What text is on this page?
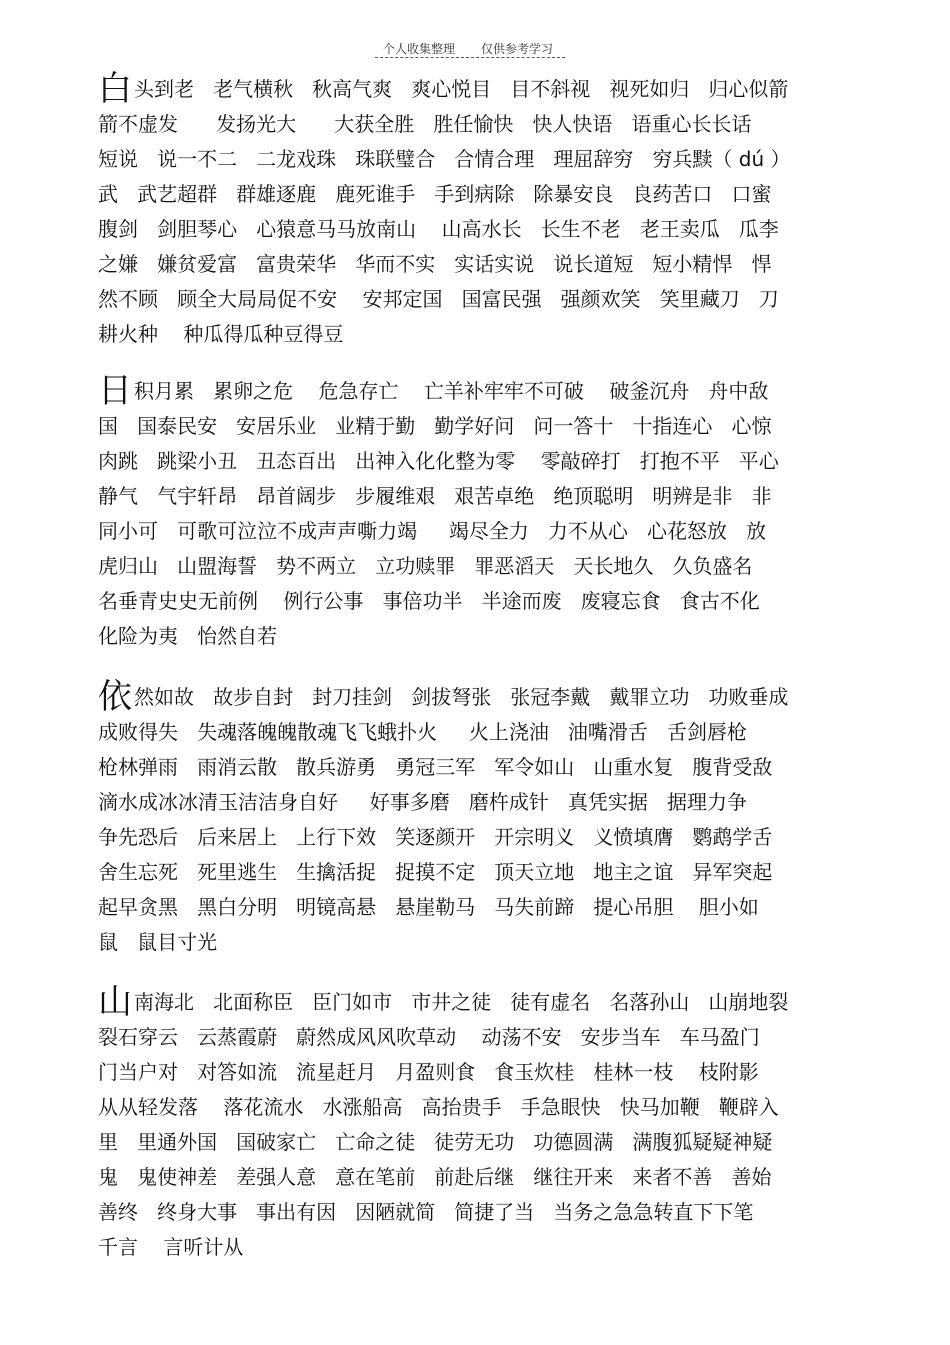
个人收集整理 仅供参考学习
白头到老   老气横秋   秋高气爽   爽心悦目   目不斜视   视死如归   归心似箭
箭不虚发      发扬光大      大获全胜   胜任愉快   快人快语   语重心长长话
短说   说一不二   二龙戏珠   珠联璧合   合情合理   理屈辞穷   穷兵黩（ dú ）
武   武艺超群   群雄逐鹿   鹿死谁手   手到病除   除暴安良   良药苦口   口蜜
腹剑   剑胆琴心   心猿意马马放南山    山高水长   长生不老   老王卖瓜   瓜李
之嫌   嫌贫爱富   富贵荣华   华而不实   实话实说   说长道短   短小精悍   悍
然不顾   顾全大局局促不安    安邦定国   国富民强   强颜欢笑   笑里藏刀   刀
耕火种    种瓜得瓜种豆得豆
日积月累   累卵之危    危急存亡    亡羊补牢牢不可破    破釜沉舟   舟中敌
国   国泰民安   安居乐业   业精于勤   勤学好问   问一答十   十指连心   心惊
肉跳   跳梁小丑   丑态百出   出神入化化整为零    零敲碎打   打抱不平   平心
静气   气宇轩昂   昂首阔步   步履维艰   艰苦卓绝   绝顶聪明   明辨是非   非
同小可   可歌可泣泣不成声声嘶力竭     竭尽全力   力不从心   心花怒放   放
虎归山   山盟海誓   势不两立   立功赎罪   罪恶滔天   天长地久   久负盛名
名垂青史史无前例    例行公事   事倍功半   半途而废   废寝忘食   食古不化
化险为夷   怡然自若
依然如故   故步自封   封刀挂剑   剑拔弩张   张冠李戴   戴罪立功   功败垂成
成败得失   失魂落魄魄散魂飞飞蛾扑火     火上浇油   油嘴滑舌   舌剑唇枪
枪林弹雨   雨消云散   散兵游勇   勇冠三军   军令如山   山重水复   腹背受敌
滴水成冰冰清玉洁洁身自好     好事多磨   磨杵成针   真凭实据   据理力争
争先恐后   后来居上   上行下效   笑逐颜开   开宗明义   义愤填膺   鹦鹉学舌
舍生忘死   死里逃生   生擒活捉   捉摸不定   顶天立地   地主之谊   异军突起
起早贪黑   黑白分明   明镜高悬   悬崖勒马   马失前蹄   提心吊胆    胆小如
鼠   鼠目寸光
山南海北   北面称臣   臣门如市   市井之徒   徒有虚名   名落孙山   山崩地裂
裂石穿云   云蒸霞蔚   蔚然成风风吹草动    动荡不安   安步当车   车马盈门
门当户对   对答如流   流星赶月   月盈则食   食玉炊桂   桂林一枝    枝附影
从从轻发落    落花流水   水涨船高   高抬贵手   手急眼快   快马加鞭   鞭辟入
里   里通外国   国破家亡   亡命之徒   徒劳无功   功德圆满   满腹狐疑疑神疑
鬼   鬼使神差   差强人意   意在笔前   前赴后继   继往开来   来者不善   善始
善终   终身大事   事出有因   因陋就简   简捷了当   当务之急急转直下下笔
千言    言听计从
